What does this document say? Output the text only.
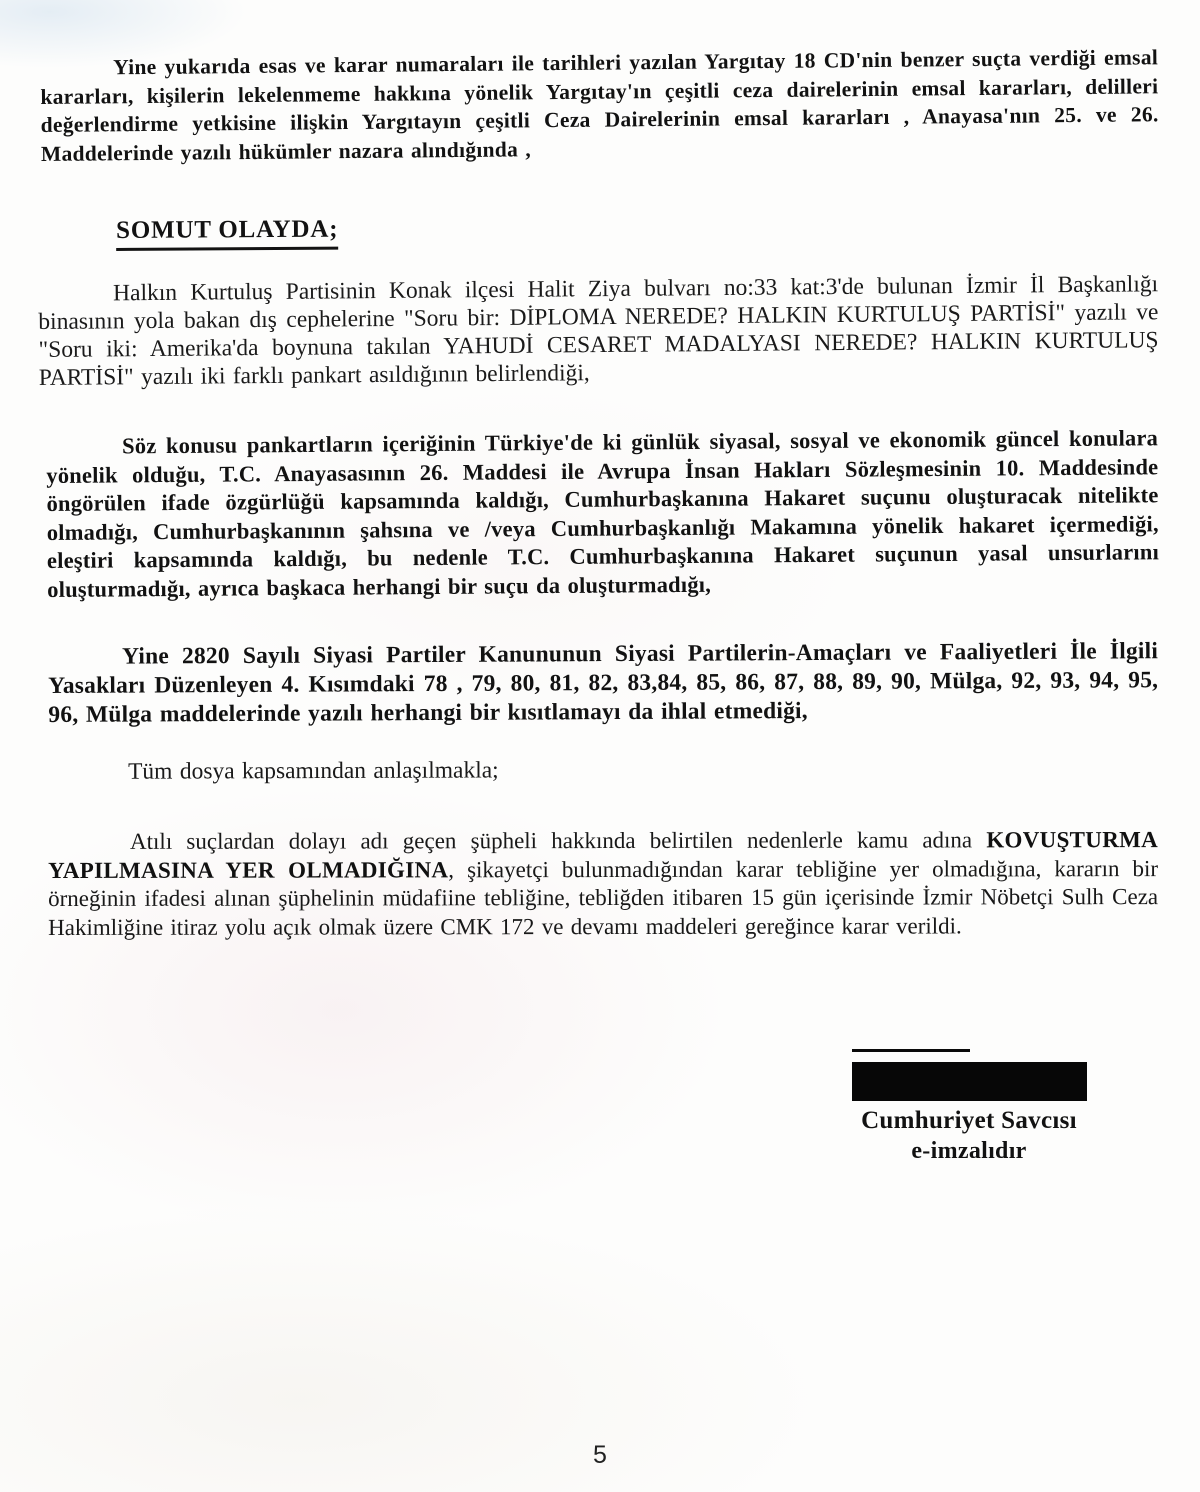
Yine yukarıda esas ve karar numaraları ile tarihleri yazılan Yargıtay 18 CD'nin benzer suçta verdiği emsal kararları, kişilerin lekelenmeme hakkına yönelik Yargıtay'ın çeşitli ceza dairelerinin emsal kararları, delilleri değerlendirme yetkisine ilişkin Yargıtayın çeşitli Ceza Dairelerinin emsal kararları , Anayasa'nın 25. ve 26. Maddelerinde yazılı hükümler nazara alındığında ,

SOMUT OLAYDA;

Halkın Kurtuluş Partisinin Konak ilçesi Halit Ziya bulvarı no:33 kat:3'de bulunan İzmir İl Başkanlığı binasının yola bakan dış cephelerine "Soru bir: DİPLOMA NEREDE? HALKIN KURTULUŞ PARTİSİ" yazılı ve "Soru iki: Amerika'da boynuna takılan YAHUDİ CESARET MADALYASI NEREDE? HALKIN KURTULUŞ PARTİSİ" yazılı iki farklı pankart asıldığının belirlendiği,

Söz konusu pankartların içeriğinin Türkiye'de ki günlük siyasal, sosyal ve ekonomik güncel konulara yönelik olduğu, T.C. Anayasasının 26. Maddesi ile Avrupa İnsan Hakları Sözleşmesinin 10. Maddesinde öngörülen ifade özgürlüğü kapsamında kaldığı, Cumhurbaşkanına Hakaret suçunu oluşturacak nitelikte olmadığı, Cumhurbaşkanının şahsına ve /veya Cumhurbaşkanlığı Makamına yönelik hakaret içermediği, eleştiri kapsamında kaldığı, bu nedenle T.C. Cumhurbaşkanına Hakaret suçunun yasal unsurlarını oluşturmadığı, ayrıca başkaca herhangi bir suçu da oluşturmadığı,

Yine 2820 Sayılı Siyasi Partiler Kanununun Siyasi Partilerin-Amaçları ve Faaliyetleri İle İlgili Yasakları Düzenleyen 4. Kısımdaki 78 , 79, 80, 81, 82, 83,84, 85, 86, 87, 88, 89, 90, Mülga, 92, 93, 94, 95, 96, Mülga maddelerinde yazılı herhangi bir kısıtlamayı da ihlal etmediği,

Tüm dosya kapsamından anlaşılmakla;

Atılı suçlardan dolayı adı geçen şüpheli hakkında belirtilen nedenlerle kamu adına KOVUŞTURMA YAPILMASINA YER OLMADIĞINA, şikayetçi bulunmadığından karar tebliğine yer olmadığına, kararın bir örneğinin ifadesi alınan şüphelinin müdafiine tebliğine, tebliğden itibaren 15 gün içerisinde İzmir Nöbetçi Sulh Ceza Hakimliğine itiraz yolu açık olmak üzere CMK 172 ve devamı maddeleri gereğince karar verildi.

Cumhuriyet Savcısı
e-imzalıdır
5
